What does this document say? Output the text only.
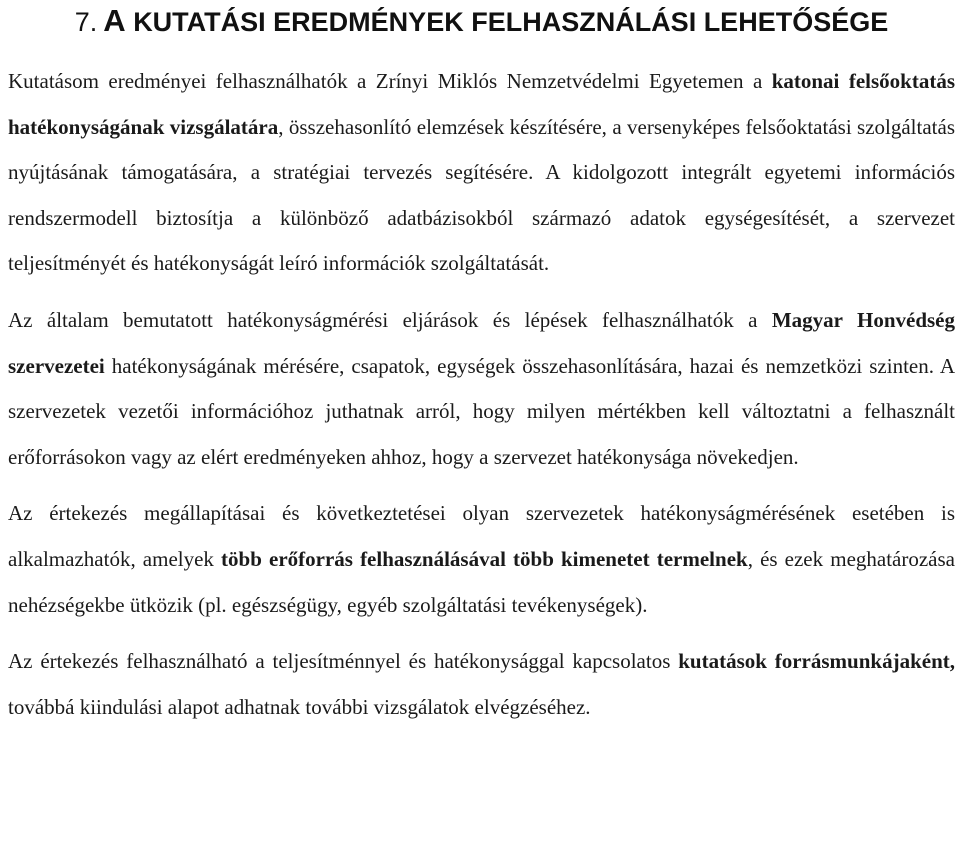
7. A KUTATÁSI EREDMÉNYEK FELHASZNÁLÁSI LEHETŐSÉGE

Kutatásom eredményei felhasználhatók a Zrínyi Miklós Nemzetvédelmi Egyetemen a katonai felsőoktatás hatékonyságának vizsgálatára, összehasonlító elemzések készítésére, a versenyképes felsőoktatási szolgáltatás nyújtásának támogatására, a stratégiai tervezés segítésére. A kidolgozott integrált egyetemi információs rendszermodell biztosítja a különböző adatbázisokból származó adatok egységesítését, a szervezet teljesítményét és hatékonyságát leíró információk szolgáltatását.

Az általam bemutatott hatékonyságmérési eljárások és lépések felhasználhatók a Magyar Honvédség szervezetei hatékonyságának mérésére, csapatok, egységek összehasonlítására, hazai és nemzetközi szinten. A szervezetek vezetői információhoz juthatnak arról, hogy milyen mértékben kell változtatni a felhasznált erőforrásokon vagy az elért eredményeken ahhoz, hogy a szervezet hatékonysága növekedjen.

Az értekezés megállapításai és következtetései olyan szervezetek hatékonyságmérésének esetében is alkalmazhatók, amelyek több erőforrás felhasználásával több kimenetet termelnek, és ezek meghatározása nehézségekbe ütközik (pl. egészségügy, egyéb szolgáltatási tevékenységek).

Az értekezés felhasználható a teljesítménnyel és hatékonysággal kapcsolatos kutatások forrásmunkájaként, továbbá kiindulási alapot adhatnak további vizsgálatok elvégzéséhez.
